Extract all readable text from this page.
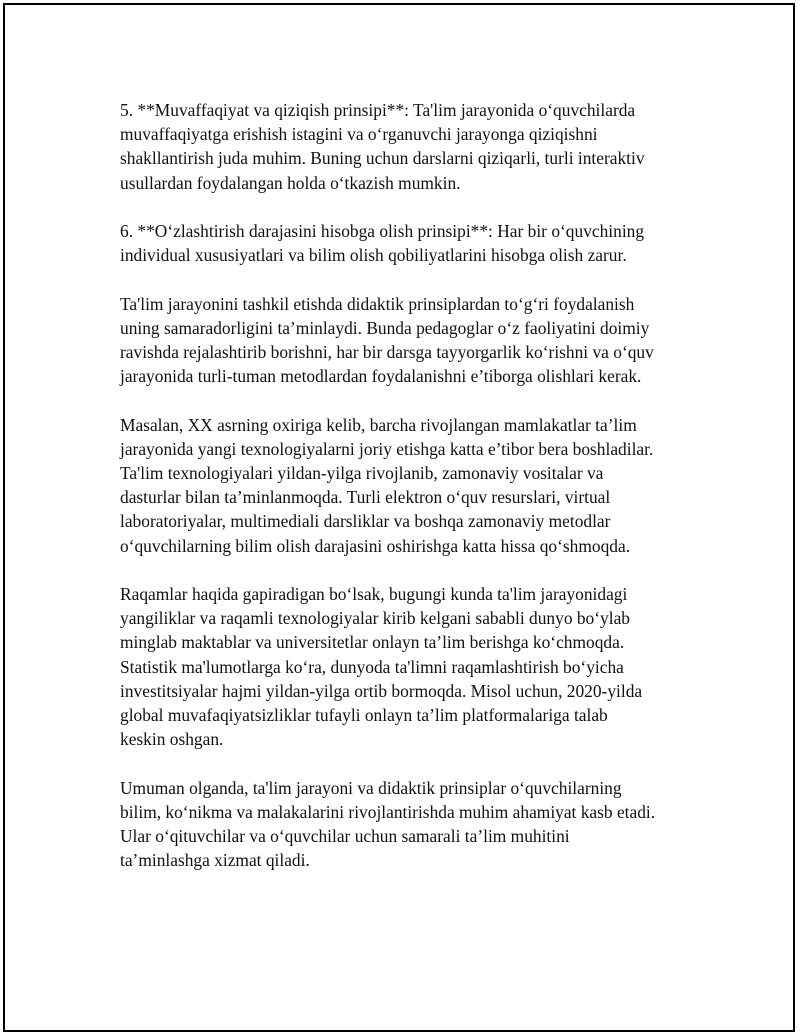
5. **Muvaffaqiyat va qiziqish prinsipi**: Ta'lim jarayonida oʻquvchilarda
muvaffaqiyatga erishish istagini va oʻrganuvchi jarayonga qiziqishni
shakllantirish juda muhim. Buning uchun darslarni qiziqarli, turli interaktiv
usullardan foydalangan holda oʻtkazish mumkin.

6. **Oʻzlashtirish darajasini hisobga olish prinsipi**: Har bir oʻquvchining
individual xususiyatlari va bilim olish qobiliyatlarini hisobga olish zarur.

Ta'lim jarayonini tashkil etishda didaktik prinsiplardan toʻgʻri foydalanish
uning samaradorligini ta’minlaydi. Bunda pedagoglar oʻz faoliyatini doimiy
ravishda rejalashtirib borishni, har bir darsga tayyorgarlik koʻrishni va oʻquv
jarayonida turli-tuman metodlardan foydalanishni e’tiborga olishlari kerak.

Masalan, XX asrning oxiriga kelib, barcha rivojlangan mamlakatlar ta’lim
jarayonida yangi texnologiyalarni joriy etishga katta e’tibor bera boshladilar.
Ta'lim texnologiyalari yildan-yilga rivojlanib, zamonaviy vositalar va
dasturlar bilan ta’minlanmoqda. Turli elektron oʻquv resurslari, virtual
laboratoriyalar, multimediali darsliklar va boshqa zamonaviy metodlar
oʻquvchilarning bilim olish darajasini oshirishga katta hissa qoʻshmoqda.

Raqamlar haqida gapiradigan boʻlsak, bugungi kunda ta'lim jarayonidagi
yangiliklar va raqamli texnologiyalar kirib kelgani sababli dunyo boʻylab
minglab maktablar va universitetlar onlayn ta’lim berishga koʻchmoqda.
Statistik ma'lumotlarga koʻra, dunyoda ta'limni raqamlashtirish boʻyicha
investitsiyalar hajmi yildan-yilga ortib bormoqda. Misol uchun, 2020-yilda
global muvafaqiyatsizliklar tufayli onlayn ta’lim platformalariga talab
keskin oshgan.

Umuman olganda, ta'lim jarayoni va didaktik prinsiplar oʻquvchilarning
bilim, koʻnikma va malakalarini rivojlantirishda muhim ahamiyat kasb etadi.
Ular oʻqituvchilar va oʻquvchilar uchun samarali ta’lim muhitini
ta’minlashga xizmat qiladi.
